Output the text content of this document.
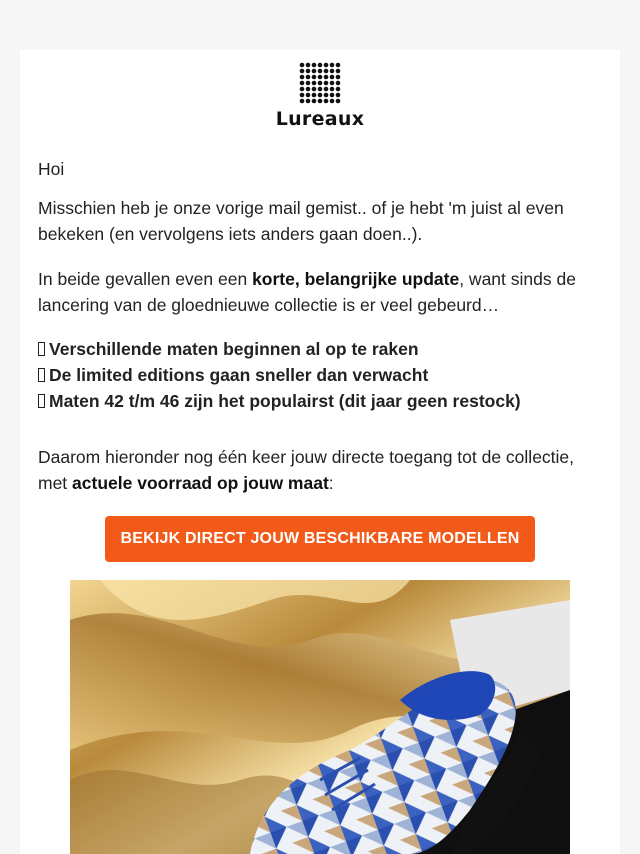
Lureaux

Hoi

Misschien heb je onze vorige mail gemist.. of je hebt 'm juist al even bekeken (en vervolgens iets anders gaan doen..).

In beide gevallen even een korte, belangrijke update, want sinds de lancering van de gloednieuwe collectie is er veel gebeurd…

Verschillende maten beginnen al op te raken
De limited editions gaan sneller dan verwacht
Maten 42 t/m 46 zijn het populairst (dit jaar geen restock)

Daarom hieronder nog één keer jouw directe toegang tot de collectie, met actuele voorraad op jouw maat:

BEKIJK DIRECT JOUW BESCHIKBARE MODELLEN
